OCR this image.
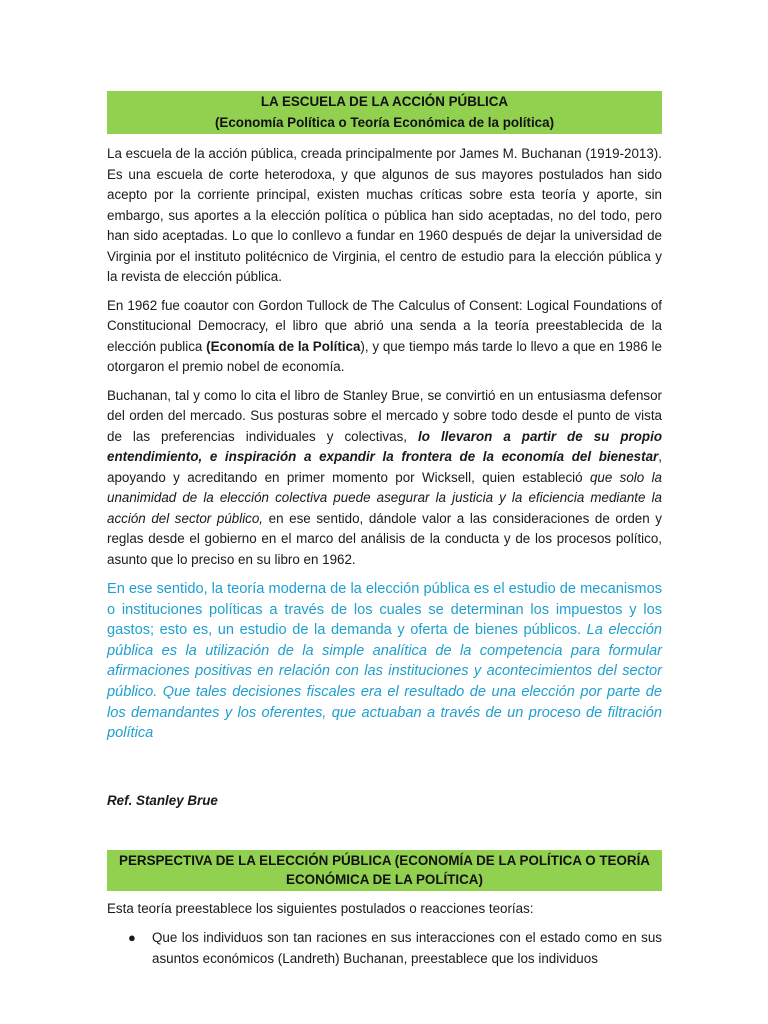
LA ESCUELA DE LA ACCIÓN PÚBLICA
(Economía Política o Teoría Económica de la política)

La escuela de la acción pública, creada principalmente por James M. Buchanan (1919-2013). Es una escuela de corte heterodoxa, y que algunos de sus mayores postulados han sido acepto por la corriente principal, existen muchas críticas sobre esta teoría y aporte, sin embargo, sus aportes a la elección política o pública han sido aceptadas, no del todo, pero han sido aceptadas. Lo que lo conllevo a fundar en 1960 después de dejar la universidad de Virginia por el instituto politécnico de Virginia, el centro de estudio para la elección pública y la revista de elección pública.

En 1962 fue coautor con Gordon Tullock de The Calculus of Consent: Logical Foundations of Constitucional Democracy, el libro que abrió una senda a la teoría preestablecida de la elección publica (Economía de la Política), y que tiempo más tarde lo llevo a que en 1986 le otorgaron el premio nobel de economía.

Buchanan, tal y como lo cita el libro de Stanley Brue, se convirtió en un entusiasma defensor del orden del mercado. Sus posturas sobre el mercado y sobre todo desde el punto de vista de las preferencias individuales y colectivas, lo llevaron a partir de su propio entendimiento, e inspiración a expandir la frontera de la economía del bienestar, apoyando y acreditando en primer momento por Wicksell, quien estableció que solo la unanimidad de la elección colectiva puede asegurar la justicia y la eficiencia mediante la acción del sector público, en ese sentido, dándole valor a las consideraciones de orden y reglas desde el gobierno en el marco del análisis de la conducta y de los procesos político, asunto que lo preciso en su libro en 1962.

En ese sentido, la teoría moderna de la elección pública es el estudio de mecanismos o instituciones políticas a través de los cuales se determinan los impuestos y los gastos; esto es, un estudio de la demanda y oferta de bienes públicos. La elección pública es la utilización de la simple analítica de la competencia para formular afirmaciones positivas en relación con las instituciones y acontecimientos del sector público. Que tales decisiones fiscales era el resultado de una elección por parte de los demandantes y los oferentes, que actuaban a través de un proceso de filtración política

Ref. Stanley Brue
PERSPECTIVA DE LA ELECCIÓN PÚBLICA (ECONOMÍA DE LA POLÍTICA O TEORÍA
ECONÓMICA DE LA POLÍTICA)

Esta teoría preestablece los siguientes postulados o reacciones teorías:

● Que los individuos son tan raciones en sus interacciones con el estado como en sus asuntos económicos (Landreth) Buchanan, preestablece que los individuos
